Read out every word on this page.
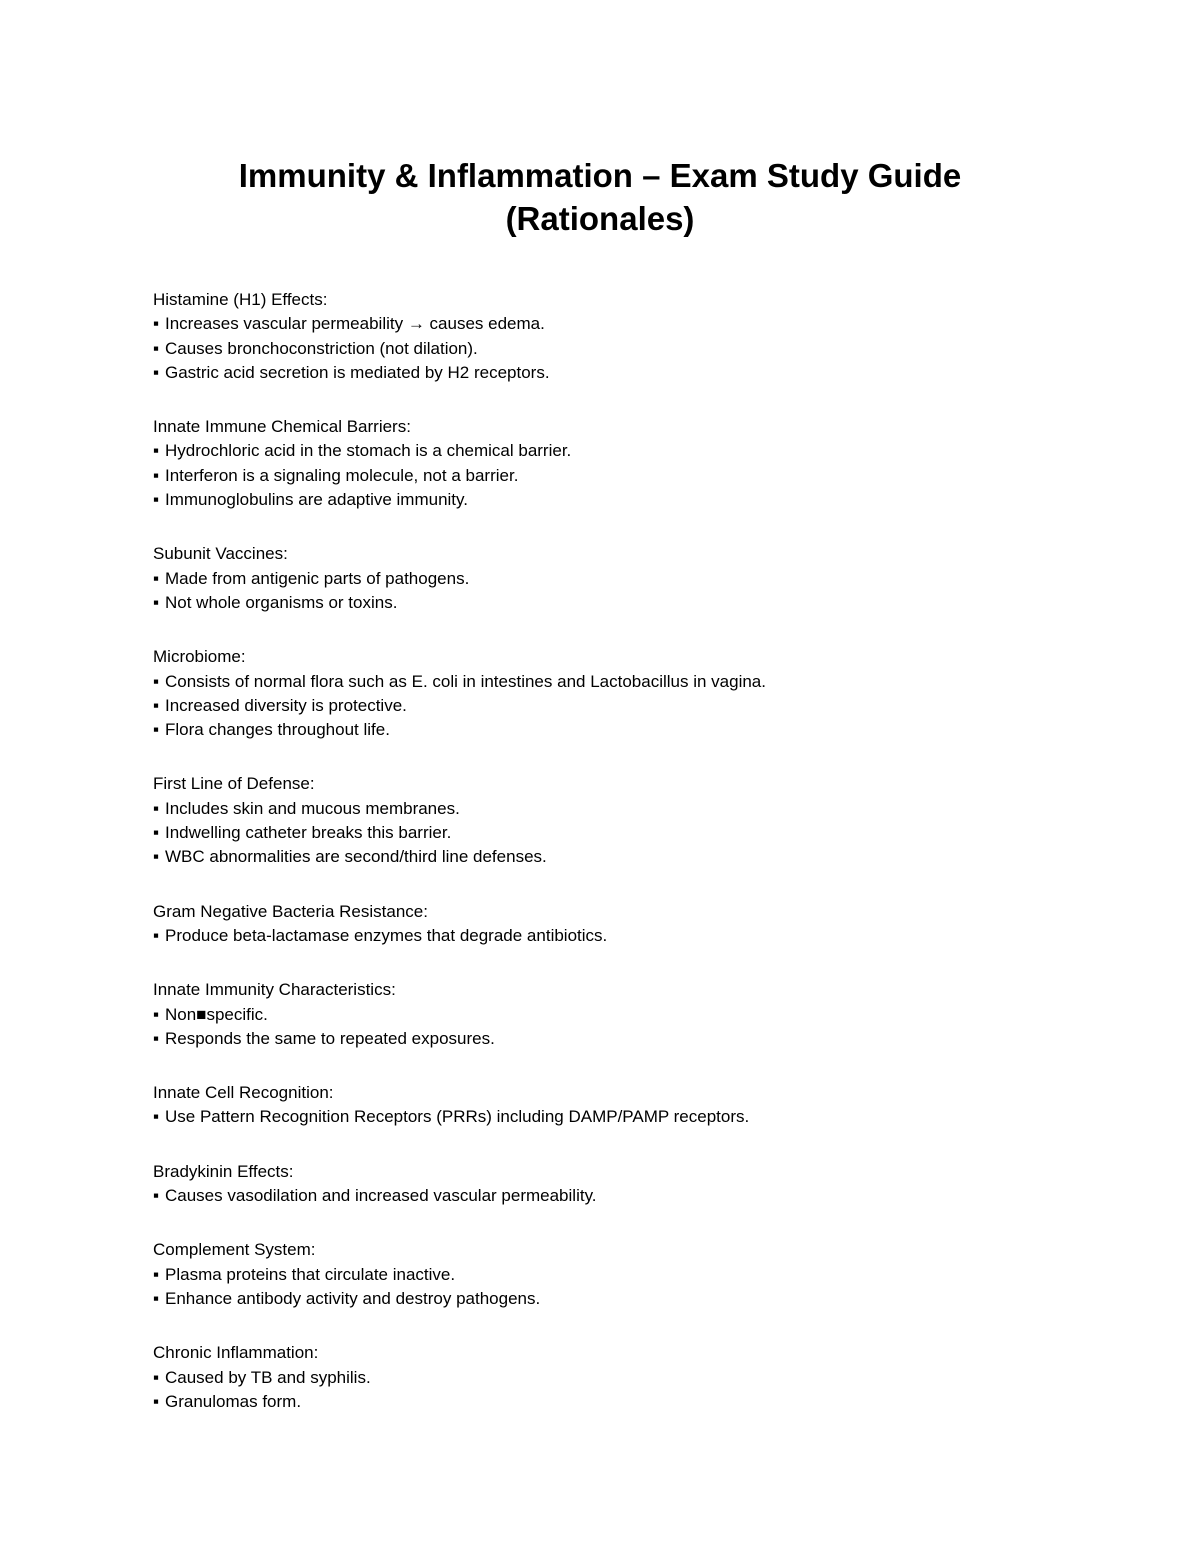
Immunity & Inflammation – Exam Study Guide
(Rationales)

Histamine (H1) Effects:

▪ Increases vascular permeability → causes edema.

▪ Causes bronchoconstriction (not dilation).

▪ Gastric acid secretion is mediated by H2 receptors.

Innate Immune Chemical Barriers:

▪ Hydrochloric acid in the stomach is a chemical barrier.

▪ Interferon is a signaling molecule, not a barrier.

▪ Immunoglobulins are adaptive immunity.

Subunit Vaccines:

▪ Made from antigenic parts of pathogens.

▪ Not whole organisms or toxins.

Microbiome:

▪ Consists of normal flora such as E. coli in intestines and Lactobacillus in vagina.

▪ Increased diversity is protective.

▪ Flora changes throughout life.

First Line of Defense:

▪ Includes skin and mucous membranes.

▪ Indwelling catheter breaks this barrier.

▪ WBC abnormalities are second/third line defenses.

Gram Negative Bacteria Resistance:

▪ Produce beta-lactamase enzymes that degrade antibiotics.

Innate Immunity Characteristics:

▪ Non■specific.

▪ Responds the same to repeated exposures.

Innate Cell Recognition:

▪ Use Pattern Recognition Receptors (PRRs) including DAMP/PAMP receptors.

Bradykinin Effects:

▪ Causes vasodilation and increased vascular permeability.

Complement System:

▪ Plasma proteins that circulate inactive.

▪ Enhance antibody activity and destroy pathogens.

Chronic Inflammation:

▪ Caused by TB and syphilis.

▪ Granulomas form.
